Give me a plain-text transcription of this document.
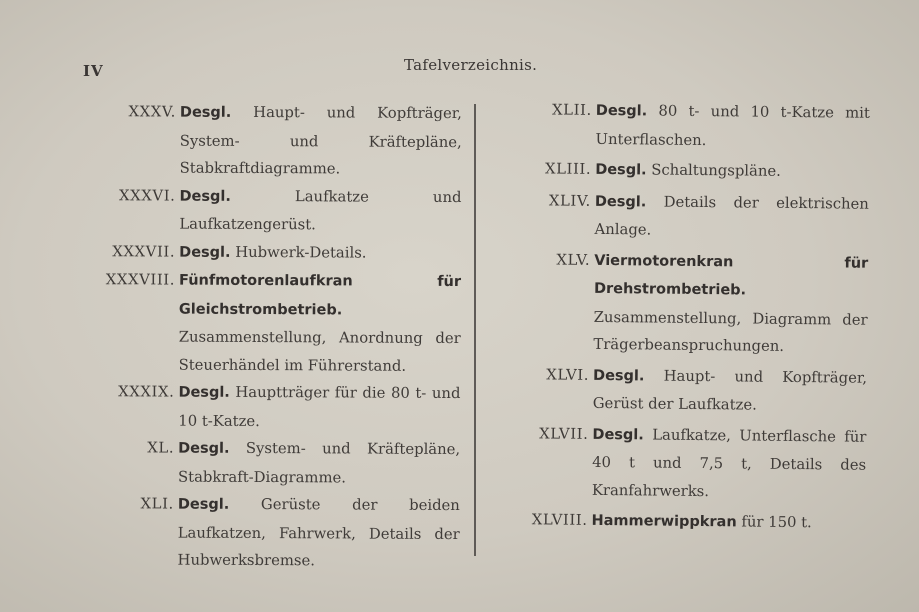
IV	Tafelverzeichnis.
XXXV. Desgl. Haupt- und Kopfträger, System- und Kräftepläne, Stabkraftdiagramme.
XXXVI. Desgl.	Laufkatze und Laufkatzengerüst.
XXXVII. Desgl. Hubwerk-Details.
XXXVIII. Fünfmotorenlaufkran für Gleichstrombetrieb. Zusammenstellung, Anordnung der Steuerhändel im Führerstand.
XXXIX. Desgl. Hauptträger für die 80 t- und 10 t-Katze.
XL. Desgl. System- und Kräftepläne, Stabkraft-Diagramme.
XLI. Desgl. Gerüste der beiden Laufkatzen, Fahrwerk, Details der Hubwerksbremse.
XLII. Desgl. 80 t- und 10 t-Katze mit Unterflaschen.
XLIII. Desgl. Schaltungspläne.
XLIV. Desgl. Details der elektrischen Anlage.
XLV. Viermotorenkran für Drehstrombetrieb. Zusammenstellung, Diagramm der Trägerbeanspruchungen.
XLVI. Desgl. Haupt- und Kopfträger, Gerüst der Laufkatze.
XLVII. Desgl. Laufkatze, Unterflasche für 40 t und 7,5 t, Details des Kranfahrwerks.
XLVIII. Hammerwippkran für 150 t.
